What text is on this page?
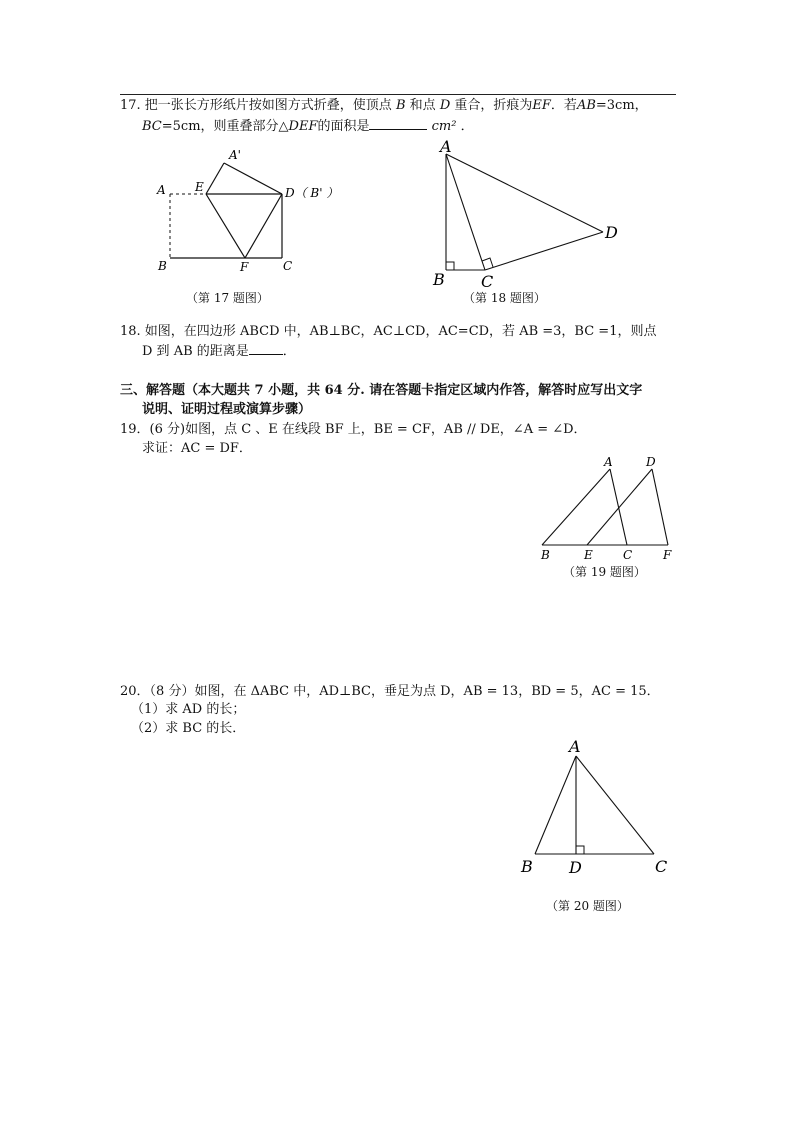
17. 把一张长方形纸片按如图方式折叠，使顶点 B 和点 D 重合，折痕为EF．若AB=3cm，
BC=5cm，则重叠部分△DEF的面积是	cm² ．
A
A'
E	D（ B' ）
B	F	C
（第 17 题图）
A
B C
D
（第 18 题图）
18. 如图，在四边形 ABCD 中，AB⊥BC，AC⊥CD，AC=CD，若 AB =3，BC =1，则点
D 到 AB 的距离是	．
三、解答题（本大题共 7 小题，共 64 分. 请在答题卡指定区域内作答，解答时应写出文字
说明、证明过程或演算步骤）
19．(6 分)如图，点 C 、E 在线段 BF 上，BE = CF，AB // DE，∠A = ∠D．
求证：AC = DF．
A	D
B	E	C	F
（第 19 题图）
20．（8 分）如图，在 ΔABC 中，AD⊥BC，垂足为点 D，AB = 13，BD = 5，AC = 15．
（1）求 AD 的长；
（2）求 BC 的长．
A
B D	C
（第 20 题图）
